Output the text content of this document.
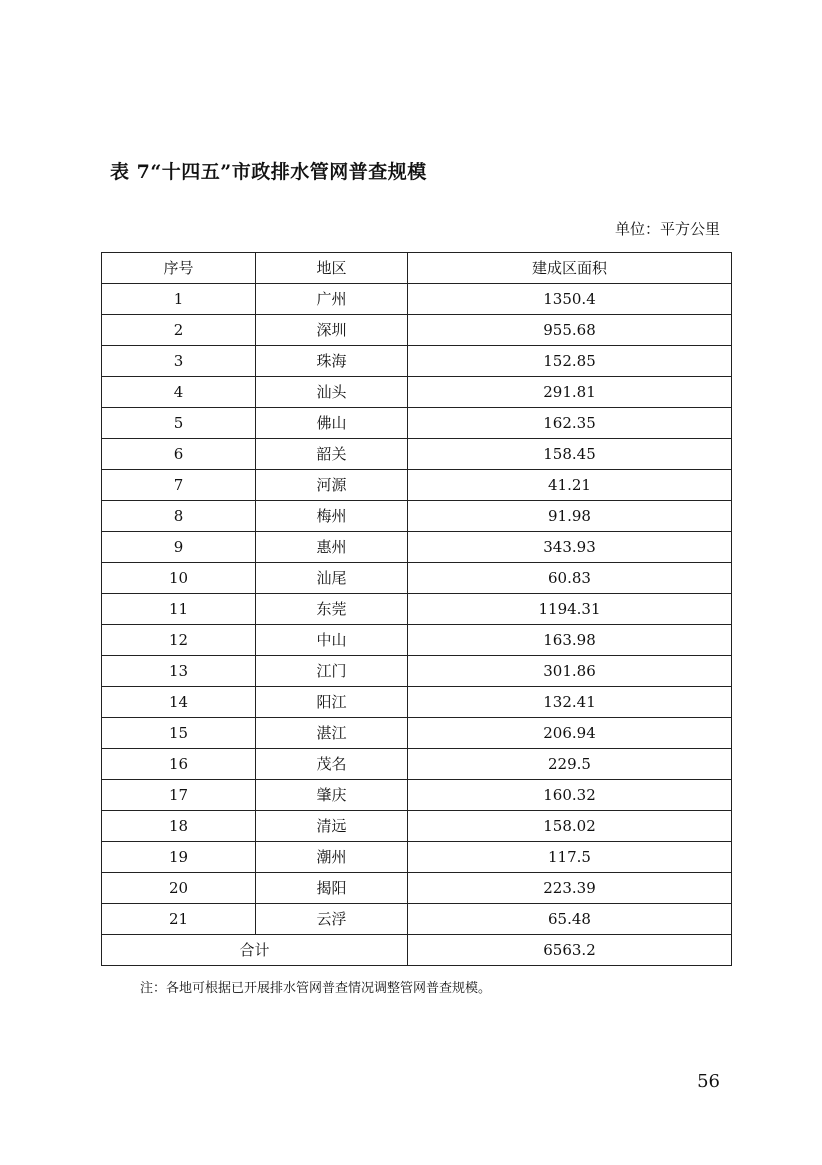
表 7“十四五”市政排水管网普查规模
单位：平方公里
序号	地区	建成区面积
1	广州	1350.4
2	深圳	955.68
3	珠海	152.85
4	汕头	291.81
5	佛山	162.35
6	韶关	158.45
7	河源	41.21
8	梅州	91.98
9	惠州	343.93
10	汕尾	60.83
11	东莞	1194.31
12	中山	163.98
13	江门	301.86
14	阳江	132.41
15	湛江	206.94
16	茂名	229.5
17	肇庆	160.32
18	清远	158.02
19	潮州	117.5
20	揭阳	223.39
21	云浮	65.48
合计		6563.2
注：各地可根据已开展排水管网普查情况调整管网普查规模。
56
